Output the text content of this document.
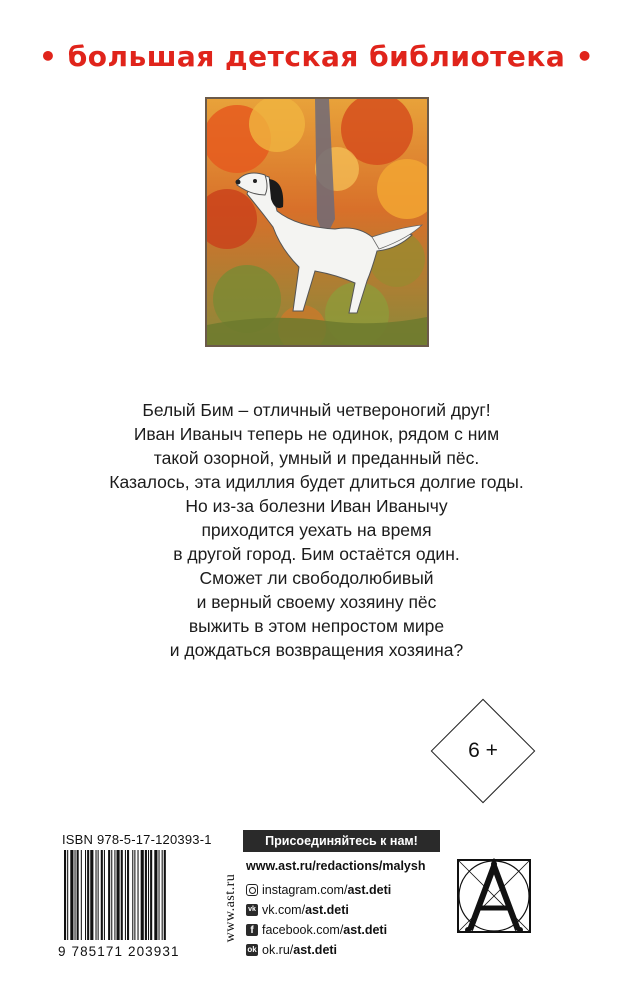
• большая детская библиотека •
Белый Бим – отличный четвероногий друг!
Иван Иваныч теперь не одинок, рядом с ним
такой озорной, умный и преданный пёс.
Казалось, эта идиллия будет длиться долгие годы.
Но из-за болезни Иван Иванычу
приходится уехать на время
в другой город. Бим остаётся один.
Сможет ли свободолюбивый
и верный своему хозяину пёс
выжить в этом непростом мире
и дождаться возвращения хозяина?
6 +
ISBN 978-5-17-120393-1
9 785171 203931
www.ast.ru
Присоединяйтесь к нам!
www.ast.ru/redactions/malysh
instagram.com/ ast.deti
vk vk.com/ ast.deti
f facebook.com/ ast.deti
ok ok.ru/ ast.deti
